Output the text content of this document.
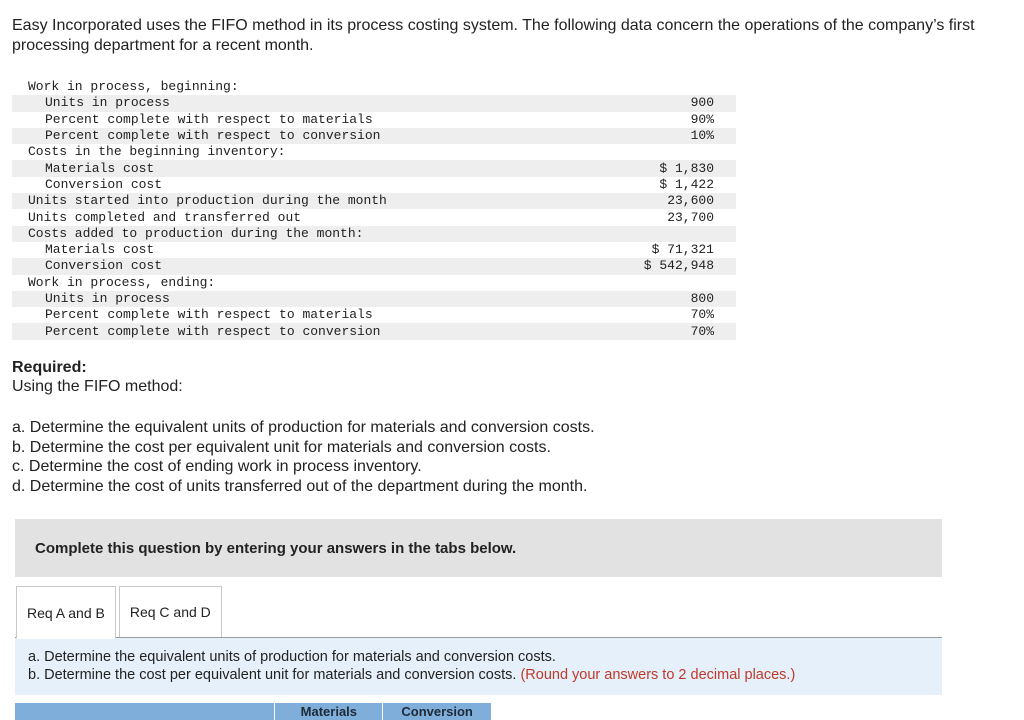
Easy Incorporated uses the FIFO method in its process costing system. The following data concern the operations of the company’s first processing department for a recent month.
Work in process, beginning:	
Units in process	900
Percent complete with respect to materials	90%
Percent complete with respect to conversion	10%
Costs in the beginning inventory:	
Materials cost	$ 1,830
Conversion cost	$ 1,422
Units started into production during the month	23,600
Units completed and transferred out	23,700
Costs added to production during the month:	
Materials cost	$ 71,321
Conversion cost	$ 542,948
Work in process, ending:	
Units in process	800
Percent complete with respect to materials	70%
Percent complete with respect to conversion	70%
Required:
Using the FIFO method:
a. Determine the equivalent units of production for materials and conversion costs.
b. Determine the cost per equivalent unit for materials and conversion costs.
c. Determine the cost of ending work in process inventory.
d. Determine the cost of units transferred out of the department during the month.
Complete this question by entering your answers in the tabs below.
Req A and B	Req C and D
a. Determine the equivalent units of production for materials and conversion costs.
b. Determine the cost per equivalent unit for materials and conversion costs. (Round your answers to 2 decimal places.)
Materials	Conversion
